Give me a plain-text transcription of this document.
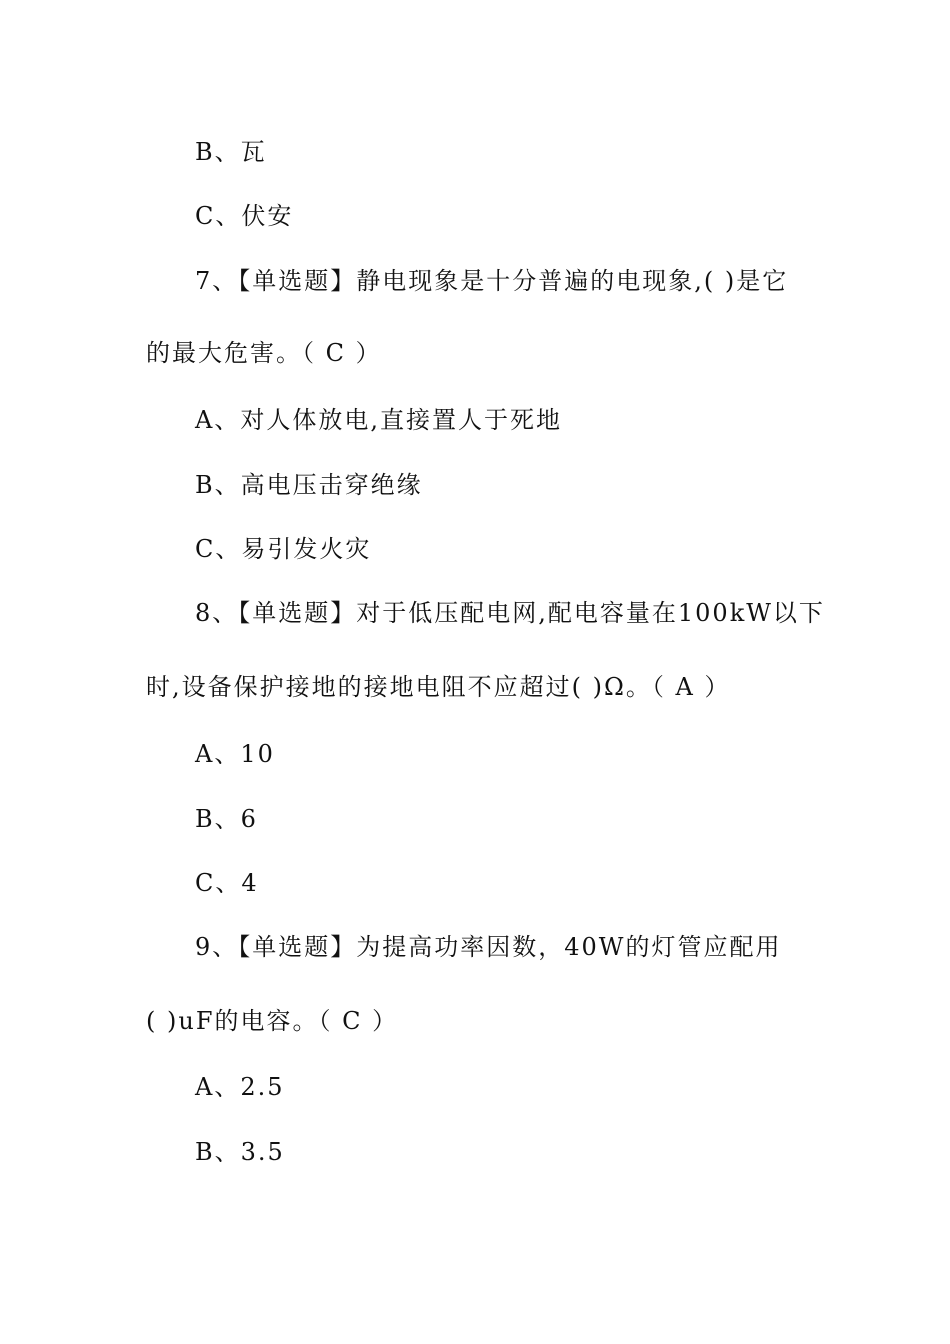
B、瓦
C、伏安
7、【单选题】静电现象是十分普遍的电现象,( )是它
的最大危害。（ C ）
A、对人体放电,直接置人于死地
B、高电压击穿绝缘
C、易引发火灾
8、【单选题】对于低压配电网,配电容量在100kW以下
时,设备保护接地的接地电阻不应超过( )Ω。（ A ）
A、10
B、6
C、4
9、【单选题】为提高功率因数，40W的灯管应配用
( )uF的电容。（ C ）
A、2.5
B、3.5
